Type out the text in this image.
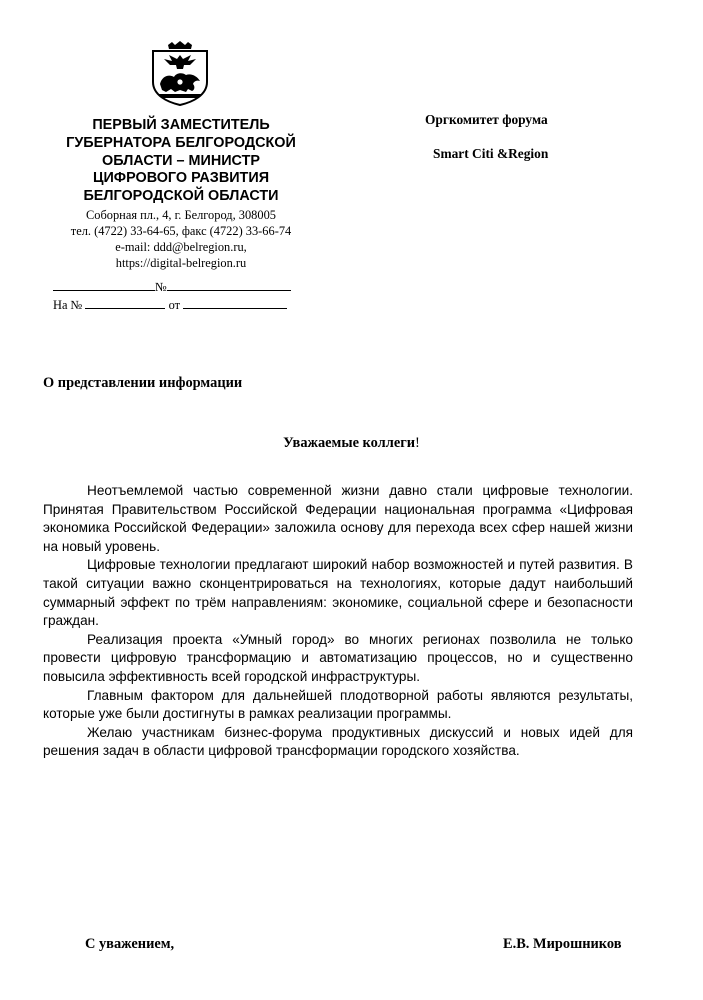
ПЕРВЫЙ ЗАМЕСТИТЕЛЬ
ГУБЕРНАТОРА БЕЛГОРОДСКОЙ
ОБЛАСТИ – МИНИСТР
ЦИФРОВОГО РАЗВИТИЯ
БЕЛГОРОДСКОЙ ОБЛАСТИ
Соборная пл., 4, г. Белгород, 308005
тел. (4722) 33-64-65, факс (4722) 33-66-74
e-mail: ddd@belregion.ru,
https://digital-belregion.ru
№
На №	от
Оргкомитет форума
Smart Citi &Region
О представлении информации
Уважаемые коллеги!

Неотъемлемой частью современной жизни давно стали цифровые технологии. Принятая Правительством Российской Федерации национальная программа «Цифровая экономика Российской Федерации» заложила основу для перехода всех сфер нашей жизни на новый уровень.

Цифровые технологии предлагают широкий набор возможностей и путей развития. В такой ситуации важно сконцентрироваться на технологиях, которые дадут наибольший суммарный эффект по трём направлениям: экономике, социальной сфере и безопасности граждан.

Реализация проекта «Умный город» во многих регионах позволила не только провести цифровую трансформацию и автоматизацию процессов, но и существенно повысила эффективность всей городской инфраструктуры.

Главным фактором для дальнейшей плодотворной работы являются результаты, которые уже были достигнуты в рамках реализации программы.

Желаю участникам бизнес-форума продуктивных дискуссий и новых идей для решения задач в области цифровой трансформации городского хозяйства.

С уважением,	Е.В. Мирошников
